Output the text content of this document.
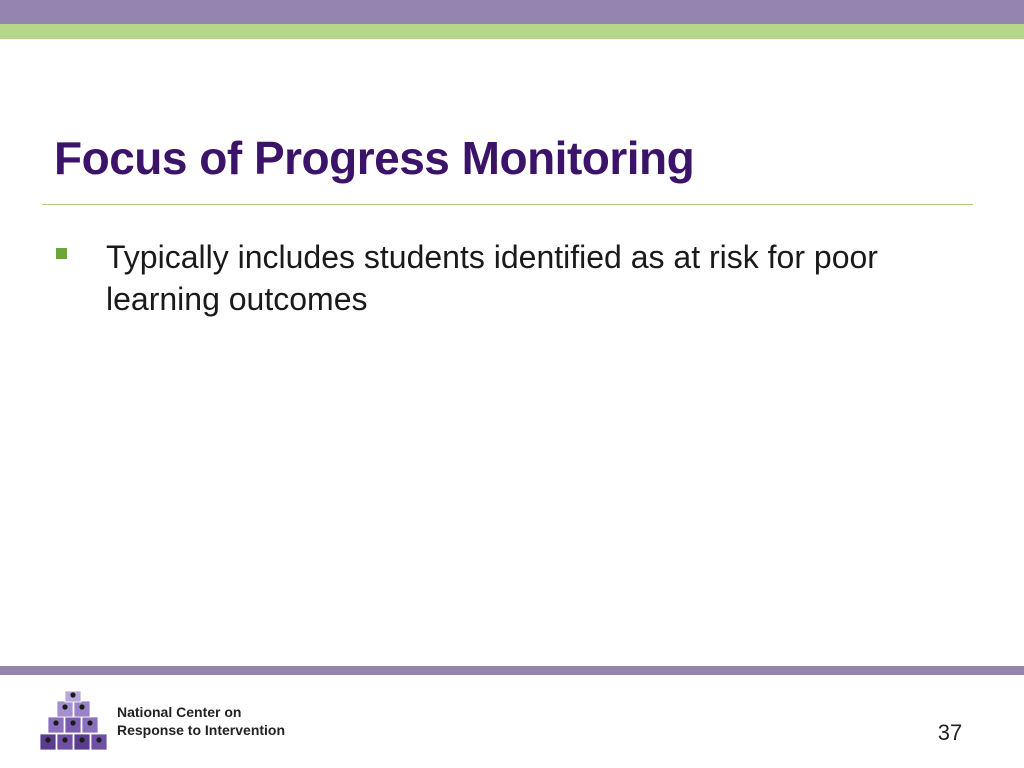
Focus of Progress Monitoring
Typically includes students identified as at risk for poor learning outcomes
National Center on
Response to Intervention	37
